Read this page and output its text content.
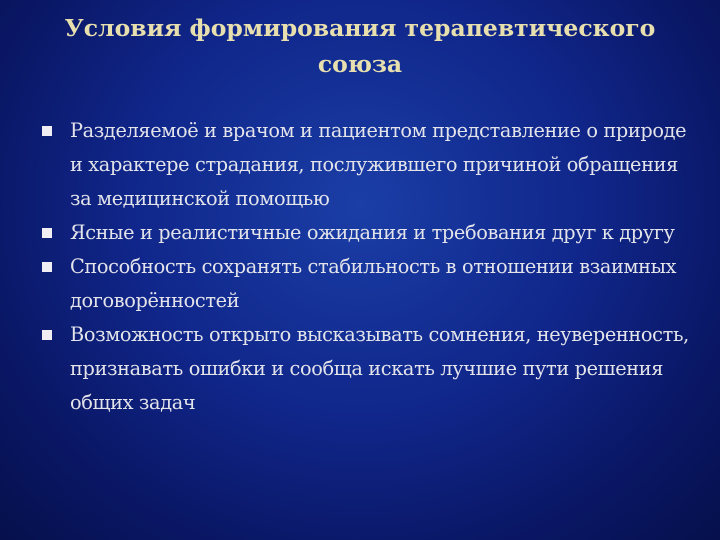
Условия формирования терапевтического союза
Разделяемоё и врачом и пациентом представление о природе и характере страдания, послужившего причиной обращения за медицинской помощью
Ясные и реалистичные ожидания и требования друг к другу
Способность сохранять стабильность в отношении взаимных договорённостей
Возможность открыто высказывать сомнения, неуверенность, признавать ошибки и сообща искать лучшие пути решения общих задач
